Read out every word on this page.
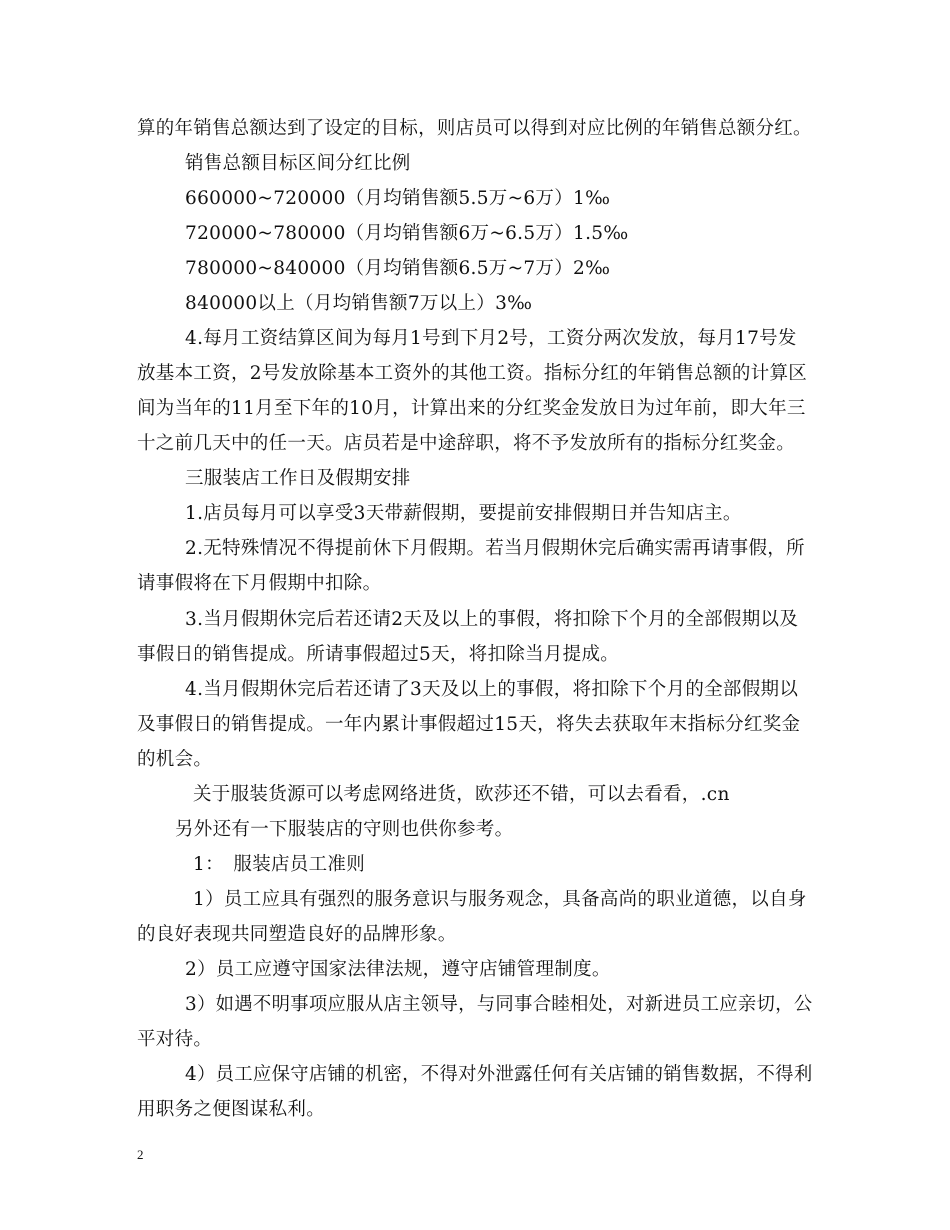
算的年销售总额达到了设定的目标，则店员可以得到对应比例的年销售总额分红。
销售总额目标区间分红比例
660000~720000（月均销售额5.5万~6万）1‰
720000~780000（月均销售额6万~6.5万）1.5‰
780000~840000（月均销售额6.5万~7万）2‰
840000以上（月均销售额7万以上）3‰
4.每月工资结算区间为每月1号到下月2号，工资分两次发放，每月17号发
放基本工资，2号发放除基本工资外的其他工资。指标分红的年销售总额的计算区
间为当年的11月至下年的10月，计算出来的分红奖金发放日为过年前，即大年三
十之前几天中的任一天。店员若是中途辞职，将不予发放所有的指标分红奖金。
三服装店工作日及假期安排
1.店员每月可以享受3天带薪假期，要提前安排假期日并告知店主。
2.无特殊情况不得提前休下月假期。若当月假期休完后确实需再请事假，所
请事假将在下月假期中扣除。
3.当月假期休完后若还请2天及以上的事假，将扣除下个月的全部假期以及
事假日的销售提成。所请事假超过5天，将扣除当月提成。
4.当月假期休完后若还请了3天及以上的事假，将扣除下个月的全部假期以
及事假日的销售提成。一年内累计事假超过15天，将失去获取年末指标分红奖金
的机会。
关于服装货源可以考虑网络进货，欧莎还不错，可以去看看，.cn
另外还有一下服装店的守则也供你参考。
1：　服装店员工准则
1）员工应具有强烈的服务意识与服务观念，具备高尚的职业道德，以自身
的良好表现共同塑造良好的品牌形象。
2）员工应遵守国家法律法规，遵守店铺管理制度。
3）如遇不明事项应服从店主领导，与同事合睦相处，对新进员工应亲切，公
平对待。
4）员工应保守店铺的机密，不得对外泄露任何有关店铺的销售数据，不得利
用职务之便图谋私利。
2
